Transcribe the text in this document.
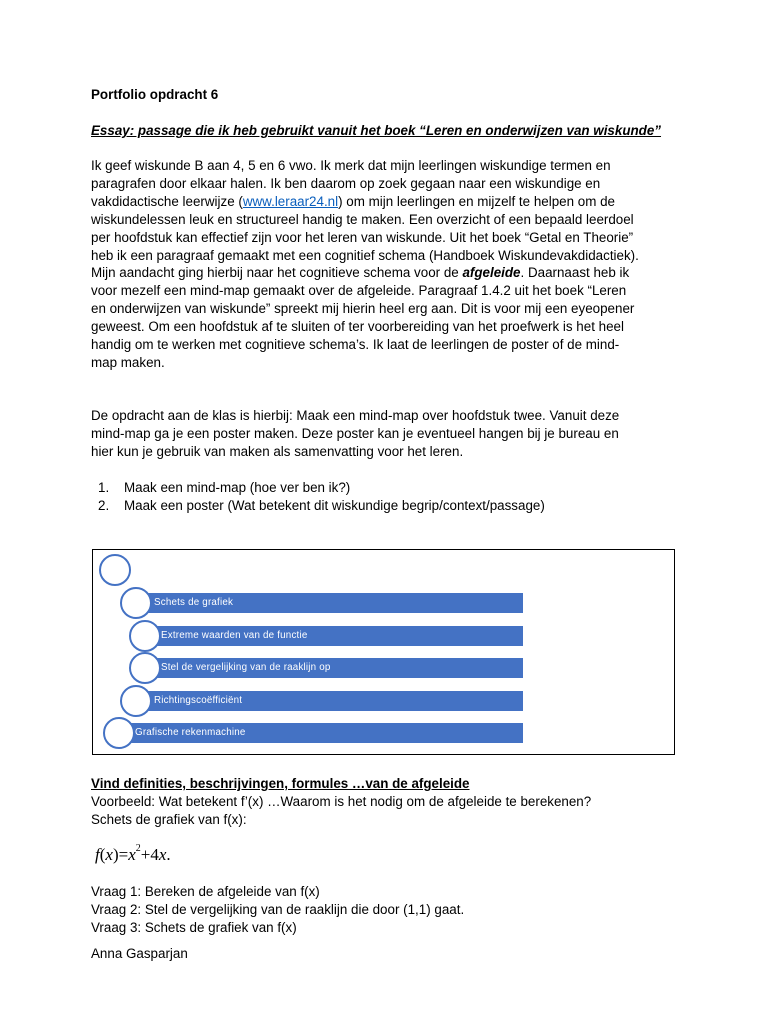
Portfolio opdracht 6
Essay: passage die ik heb gebruikt vanuit het boek “Leren en onderwijzen van wiskunde”
Ik geef wiskunde B aan 4, 5 en 6 vwo. Ik merk dat mijn leerlingen wiskundige termen en
paragrafen door elkaar halen. Ik ben daarom op zoek gegaan naar een wiskundige en
vakdidactische leerwijze (www.leraar24.nl) om mijn leerlingen en mijzelf te helpen om de
wiskundelessen leuk en structureel handig te maken. Een overzicht of een bepaald leerdoel
per hoofdstuk kan effectief zijn voor het leren van wiskunde. Uit het boek “Getal en Theorie”
heb ik een paragraaf gemaakt met een cognitief schema (Handboek Wiskundevakdidactiek).
Mijn aandacht ging hierbij naar het cognitieve schema voor de afgeleide. Daarnaast heb ik
voor mezelf een mind-map gemaakt over de afgeleide. Paragraaf 1.4.2 uit het boek “Leren
en onderwijzen van wiskunde” spreekt mij hierin heel erg aan. Dit is voor mij een eyeopener
geweest. Om een hoofdstuk af te sluiten of ter voorbereiding van het proefwerk is het heel
handig om te werken met cognitieve schema’s. Ik laat de leerlingen de poster of de mind-
map maken.
De opdracht aan de klas is hierbij: Maak een mind-map over hoofdstuk twee. Vanuit deze
mind-map ga je een poster maken. Deze poster kan je eventueel hangen bij je bureau en
hier kun je gebruik van maken als samenvatting voor het leren.
1. Maak een mind-map (hoe ver ben ik?)
2. Maak een poster (Wat betekent dit wiskundige begrip/context/passage)
Schets de grafiek
Extreme waarden van de functie
Stel de vergelijking van de raaklijn op
Richtingscoëfficiënt
Grafische rekenmachine
Vind definities, beschrijvingen, formules …van de afgeleide
Voorbeeld: Wat betekent f’(x) …Waarom is het nodig om de afgeleide te berekenen?
Schets de grafiek van f(x):
$f(x)=x^2+4x$.
Vraag 1: Bereken de afgeleide van f(x)
Vraag 2: Stel de vergelijking van de raaklijn die door (1,1) gaat.
Vraag 3: Schets de grafiek van f(x)
Anna Gasparjan
